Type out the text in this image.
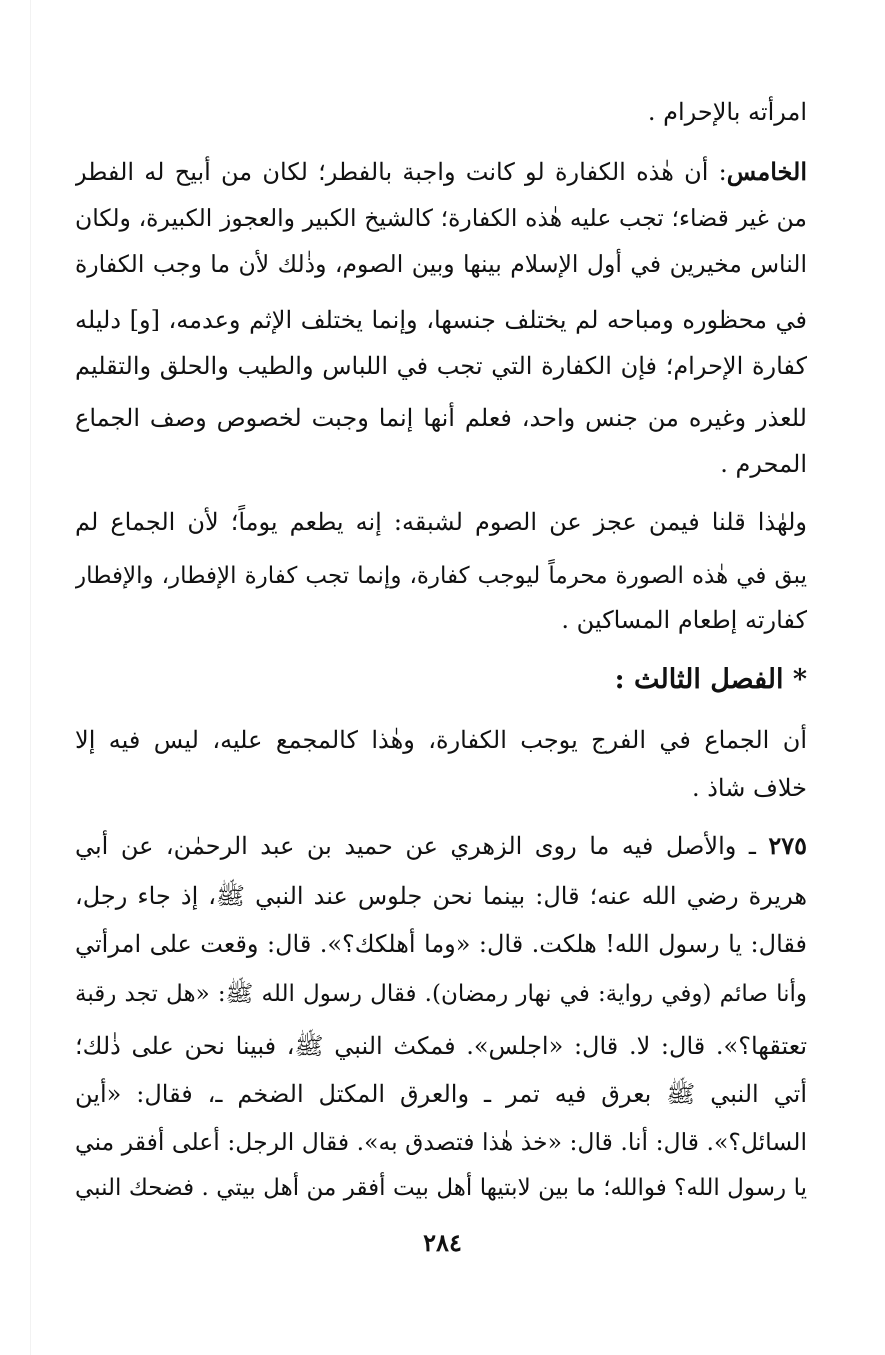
امرأته بالإحرام .
الخامس: أن هٰذه الكفارة لو كانت واجبة بالفطر؛ لكان من أبيح له الفطر
من غير قضاء؛ تجب عليه هٰذه الكفارة؛ كالشيخ الكبير والعجوز الكبيرة، ولكان
الناس مخيرين في أول الإسلام بينها وبين الصوم، وذٰلك لأن ما وجب الكفارة
في محظوره ومباحه لم يختلف جنسها، وإنما يختلف الإثم وعدمه، [و] دليله
كفارة الإحرام؛ فإن الكفارة التي تجب في اللباس والطيب والحلق والتقليم
للعذر وغيره من جنس واحد، فعلم أنها إنما وجبت لخصوص وصف الجماع
المحرم .
ولهٰذا قلنا فيمن عجز عن الصوم لشبقه: إنه يطعم يوماً؛ لأن الجماع لم
يبق في هٰذه الصورة محرماً ليوجب كفارة، وإنما تجب كفارة الإفطار، والإفطار
كفارته إطعام المساكين .
* الفصل الثالث :
أن الجماع في الفرج يوجب الكفارة، وهٰذا كالمجمع عليه، ليس فيه إلا
خلاف شاذ .
٢٧٥ ـ والأصل فيه ما روى الزهري عن حميد بن عبد الرحمٰن، عن أبي
هريرة رضي الله عنه؛ قال: بينما نحن جلوس عند النبي ﷺ، إذ جاء رجل،
فقال: يا رسول الله! هلكت. قال: «وما أهلكك؟». قال: وقعت على امرأتي
وأنا صائم (وفي رواية: في نهار رمضان). فقال رسول الله ﷺ: «هل تجد رقبة
تعتقها؟». قال: لا. قال: «اجلس». فمكث النبي ﷺ، فبينا نحن على ذٰلك؛
أتي النبي ﷺ بعرق فيه تمر ـ والعرق المكتل الضخم ـ، فقال: «أين
السائل؟». قال: أنا. قال: «خذ هٰذا فتصدق به». فقال الرجل: أعلى أفقر مني
يا رسول الله؟ فوالله؛ ما بين لابتيها أهل بيت أفقر من أهل بيتي . فضحك النبي
٢٨٤
